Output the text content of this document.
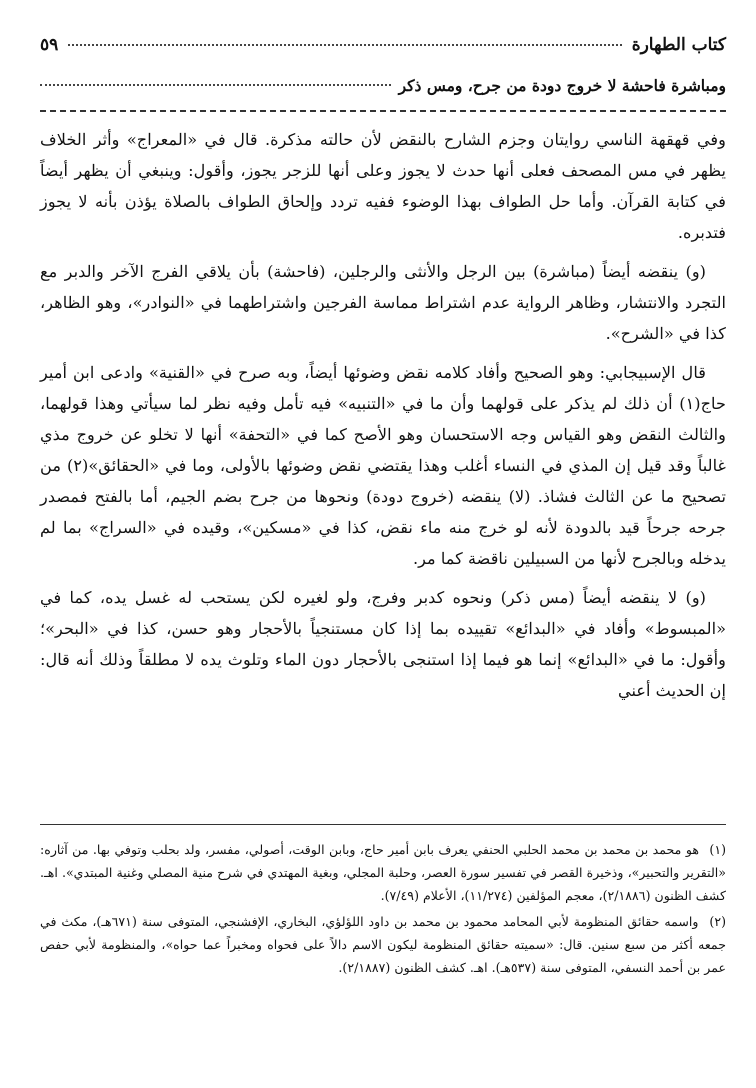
كتاب الطهارة
٥٩
ومباشرة فاحشة لا خروج دودة من جرح، ومس ذكر

وفي قهقهة الناسي روايتان وجزم الشارح بالنقض لأن حالته مذكرة. قال في «المعراج» وأثر الخلاف يظهر في مس المصحف فعلى أنها حدث لا يجوز وعلى أنها للزجر يجوز، وأقول: وينبغي أن يظهر أيضاً في كتابة القرآن. وأما حل الطواف بهذا الوضوء ففيه تردد وإلحاق الطواف بالصلاة يؤذن بأنه لا يجوز فتدبره.

(و) ينقضه أيضاً (مباشرة) بين الرجل والأنثى والرجلين، (فاحشة) بأن يلاقي الفرج الآخر والدبر مع التجرد والانتشار، وظاهر الرواية عدم اشتراط مماسة الفرجين واشتراطهما في «النوادر»، وهو الظاهر، كذا في «الشرح».

قال الإسبيجابي: وهو الصحيح وأفاد كلامه نقض وضوئها أيضاً، وبه صرح في «القنية» وادعى ابن أمير حاج(١) أن ذلك لم يذكر على قولهما وأن ما في «التنبيه» فيه تأمل وفيه نظر لما سيأتي وهذا قولهما، والثالث النقض وهو القياس وجه الاستحسان وهو الأصح كما في «التحفة» أنها لا تخلو عن خروج مذي غالباً وقد قيل إن المذي في النساء أغلب وهذا يقتضي نقض وضوئها بالأولى، وما في «الحقائق»(٢) من تصحيح ما عن الثالث فشاذ. (لا) ينقضه (خروج دودة) ونحوها من جرح بضم الجيم، أما بالفتح فمصدر جرحه جرحاً قيد بالدودة لأنه لو خرج منه ماء نقض، كذا في «مسكين»، وقيده في «السراج» بما لم يدخله وبالجرح لأنها من السبيلين ناقضة كما مر.

(و) لا ينقضه أيضاً (مس ذكر) ونحوه كدبر وفرج، ولو لغيره لكن يستحب له غسل يده، كما في «المبسوط» وأفاد في «البدائع» تقييده بما إذا كان مستنجياً بالأحجار وهو حسن، كذا في «البحر»؛ وأقول: ما في «البدائع» إنما هو فيما إذا استنجى بالأحجار دون الماء وتلوث يده لا مطلقاً وذلك أنه قال: إن الحديث أعني

(١) هو محمد بن محمد بن محمد الحلبي الحنفي يعرف بابن أمير حاج، وبابن الوقت، أصولي، مفسر، ولد بحلب وتوفي بها. من آثاره: «التقرير والتحبير»، وذخيرة القصر في تفسير سورة العصر، وحلبة المجلي، وبغية المهتدي في شرح منية المصلي وغنية المبتدي». اهـ. كشف الظنون (٢/١٨٨٦)، معجم المؤلفين (١١/٢٧٤)، الأعلام (٧/٤٩).
(٢) واسمه حقائق المنظومة لأبي المحامد محمود بن محمد بن داود اللؤلؤي، البخاري، الإفشنجي، المتوفى سنة (٦٧١هـ)، مكث في جمعه أكثر من سبع سنين. قال: «سميته حقائق المنظومة ليكون الاسم دالاً على فحواه ومخبراً عما حواه»، والمنظومة لأبي حفص عمر بن أحمد النسفي، المتوفى سنة (٥٣٧هـ). اهـ. كشف الظنون (٢/١٨٨٧).
